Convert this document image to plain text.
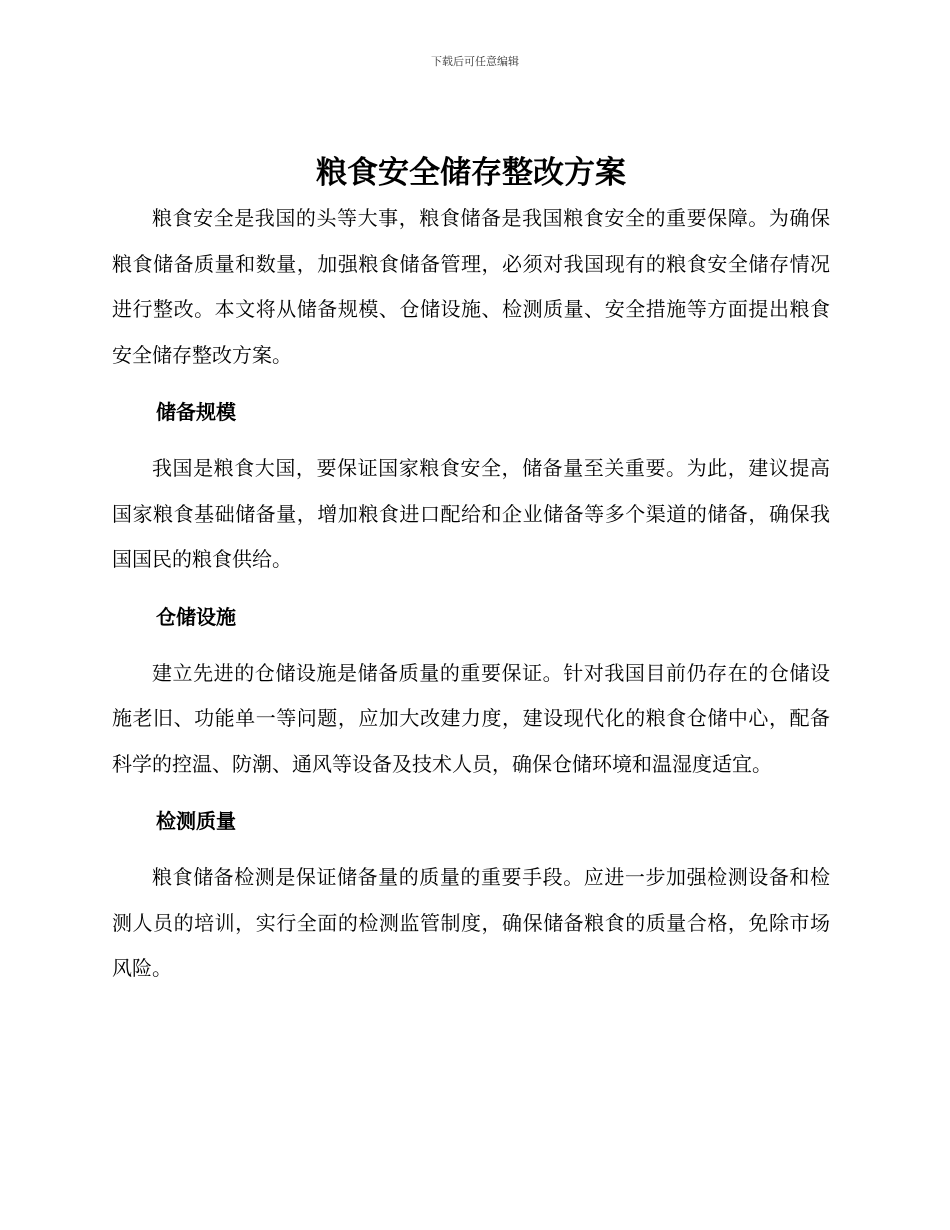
下载后可任意编辑
粮食安全储存整改方案

粮食安全是我国的头等大事，粮食储备是我国粮食安全的重要保障。为确保粮食储备质量和数量，加强粮食储备管理，必须对我国现有的粮食安全储存情况进行整改。本文将从储备规模、仓储设施、检测质量、安全措施等方面提出粮食安全储存整改方案。

储备规模

我国是粮食大国，要保证国家粮食安全，储备量至关重要。为此，建议提高国家粮食基础储备量，增加粮食进口配给和企业储备等多个渠道的储备，确保我国国民的粮食供给。

仓储设施

建立先进的仓储设施是储备质量的重要保证。针对我国目前仍存在的仓储设施老旧、功能单一等问题，应加大改建力度，建设现代化的粮食仓储中心，配备科学的控温、防潮、通风等设备及技术人员，确保仓储环境和温湿度适宜。

检测质量

粮食储备检测是保证储备量的质量的重要手段。应进一步加强检测设备和检测人员的培训，实行全面的检测监管制度，确保储备粮食的质量合格，免除市场风险。
